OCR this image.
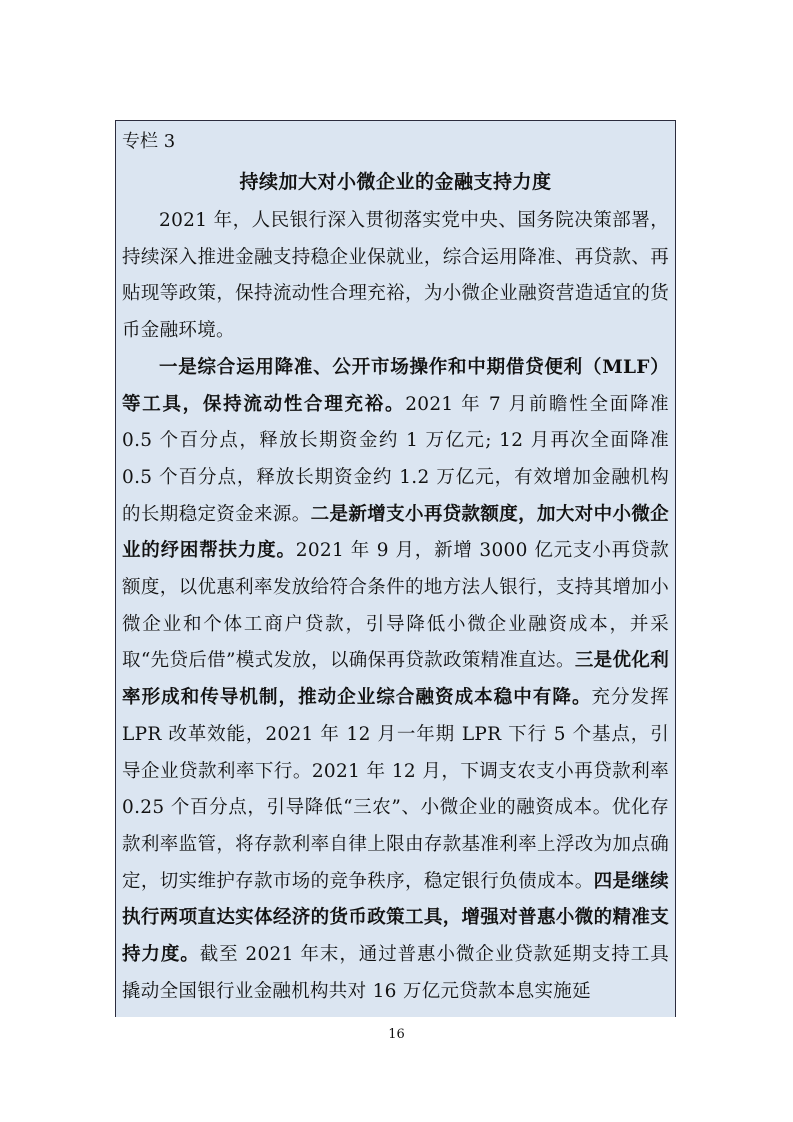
专栏 3
持续加大对小微企业的金融支持力度

2021 年，人民银行深入贯彻落实党中央、国务院决策部署，持续深入推进金融支持稳企业保就业，综合运用降准、再贷款、再贴现等政策，保持流动性合理充裕，为小微企业融资营造适宜的货币金融环境。

一是综合运用降准、公开市场操作和中期借贷便利（MLF）等工具，保持流动性合理充裕。2021 年 7 月前瞻性全面降准 0.5 个百分点，释放长期资金约 1 万亿元; 12 月再次全面降准 0.5 个百分点，释放长期资金约 1.2 万亿元，有效增加金融机构的长期稳定资金来源。二是新增支小再贷款额度，加大对中小微企业的纾困帮扶力度。2021 年 9 月，新增 3000 亿元支小再贷款额度，以优惠利率发放给符合条件的地方法人银行，支持其增加小微企业和个体工商户贷款，引导降低小微企业融资成本，并采取“先贷后借”模式发放，以确保再贷款政策精准直达。三是优化利率形成和传导机制，推动企业综合融资成本稳中有降。充分发挥 LPR 改革效能，2021 年 12 月一年期 LPR 下行 5 个基点，引导企业贷款利率下行。2021 年 12 月，下调支农支小再贷款利率 0.25 个百分点，引导降低“三农”、小微企业的融资成本。优化存款利率监管，将存款利率自律上限由存款基准利率上浮改为加点确定，切实维护存款市场的竞争秩序，稳定银行负债成本。四是继续执行两项直达实体经济的货币政策工具，增强对普惠小微的精准支持力度。截至 2021 年末，通过普惠小微企业贷款延期支持工具撬动全国银行业金融机构共对 16 万亿元贷款本息实施延

16
